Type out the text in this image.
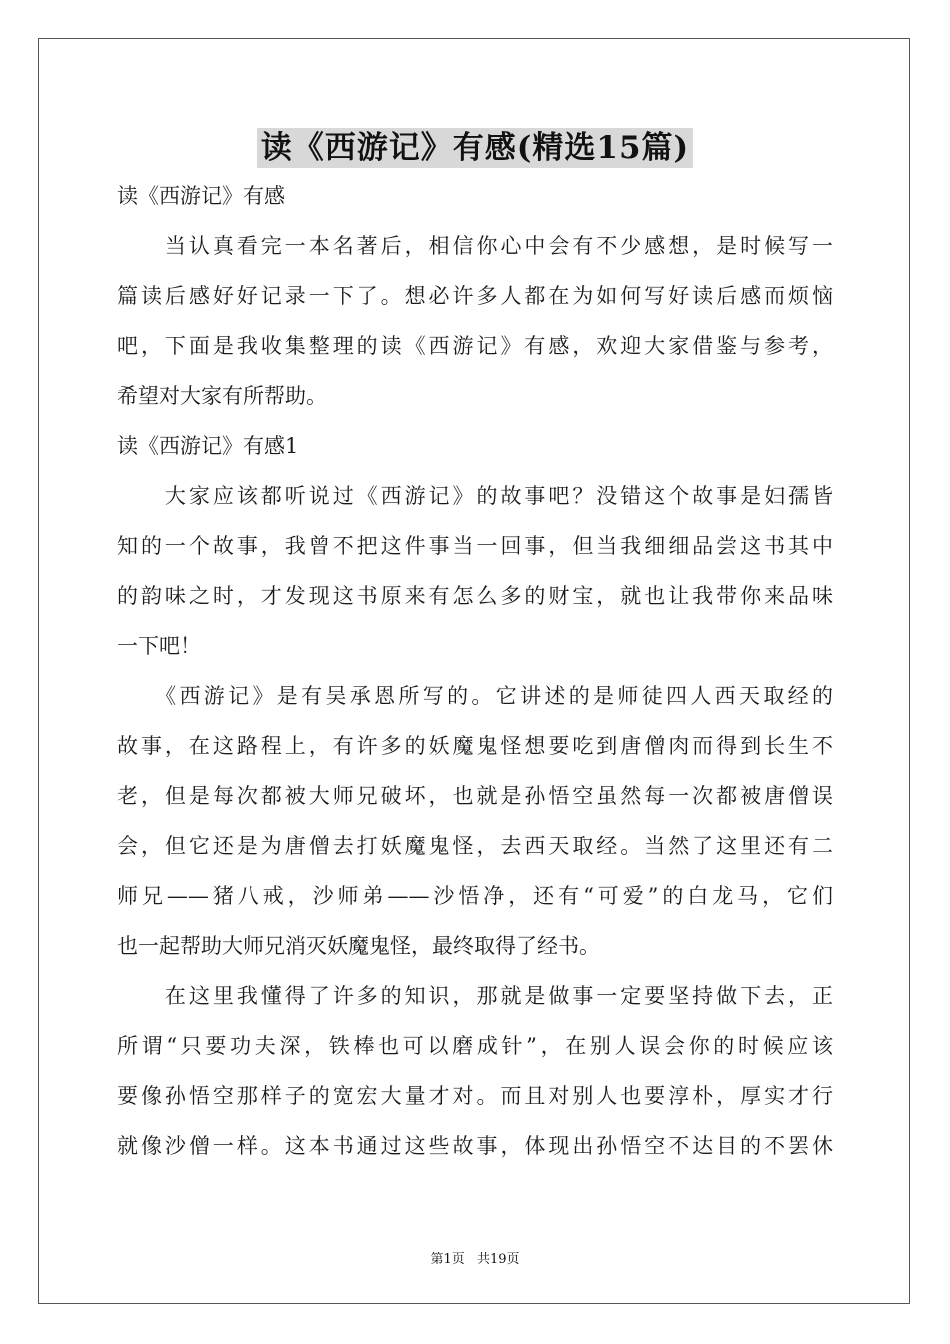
读《西游记》有感(精选15篇)
读《西游记》有感
　　当认真看完一本名著后，相信你心中会有不少感想，是时候写一
篇读后感好好记录一下了。想必许多人都在为如何写好读后感而烦恼
吧，下面是我收集整理的读《西游记》有感，欢迎大家借鉴与参考，
希望对大家有所帮助。
读《西游记》有感1
　　大家应该都听说过《西游记》的故事吧？没错这个故事是妇孺皆
知的一个故事，我曾不把这件事当一回事，但当我细细品尝这书其中
的韵味之时，才发现这书原来有怎么多的财宝，就也让我带你来品味
一下吧！
　　《西游记》是有吴承恩所写的。它讲述的是师徒四人西天取经的
故事，在这路程上，有许多的妖魔鬼怪想要吃到唐僧肉而得到长生不
老，但是每次都被大师兄破坏，也就是孙悟空虽然每一次都被唐僧误
会，但它还是为唐僧去打妖魔鬼怪，去西天取经。当然了这里还有二
师兄——猪八戒，沙师弟——沙悟净，还有“可爱”的白龙马，它们
也一起帮助大师兄消灭妖魔鬼怪，最终取得了经书。
　　在这里我懂得了许多的知识，那就是做事一定要坚持做下去，正
所谓“只要功夫深，铁棒也可以磨成针”，在别人误会你的时候应该
要像孙悟空那样子的宽宏大量才对。而且对别人也要淳朴，厚实才行
就像沙僧一样。这本书通过这些故事，体现出孙悟空不达目的不罢休
第1页 共19页
